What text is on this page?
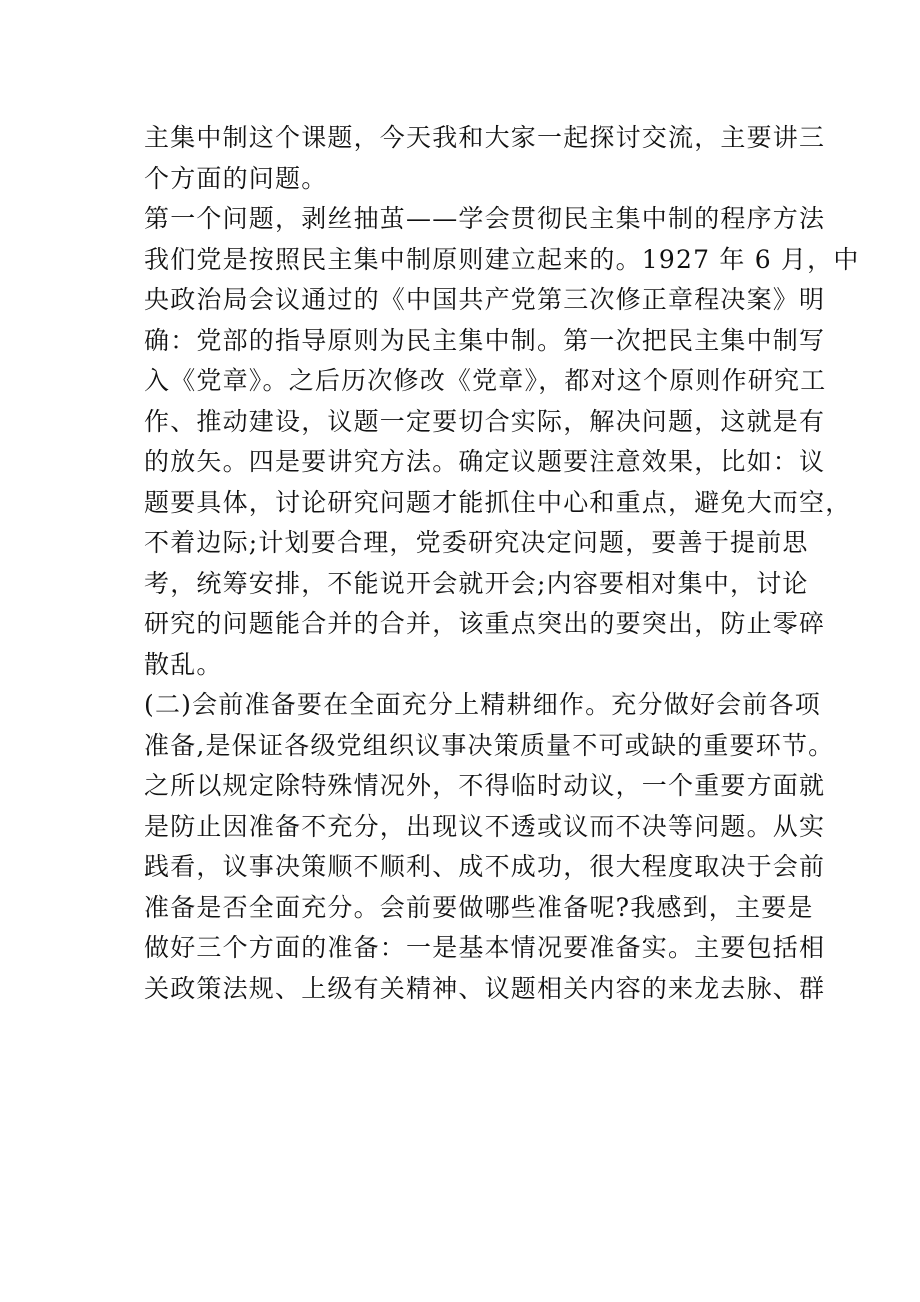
主集中制这个课题，今天我和大家一起探讨交流，主要讲三
个方面的问题。
第一个问题，剥丝抽茧——学会贯彻民主集中制的程序方法
我们党是按照民主集中制原则建立起来的。1927 年 6 月，中
央政治局会议通过的《中国共产党第三次修正章程决案》明
确：党部的指导原则为民主集中制。第一次把民主集中制写
入《党章》。之后历次修改《党章》，都对这个原则作研究工
作、推动建设，议题一定要切合实际，解决问题，这就是有
的放矢。四是要讲究方法。确定议题要注意效果，比如：议
题要具体，讨论研究问题才能抓住中心和重点，避免大而空，
不着边际;计划要合理，党委研究决定问题，要善于提前思
考，统筹安排，不能说开会就开会;内容要相对集中，讨论
研究的问题能合并的合并，该重点突出的要突出，防止零碎
散乱。
(二)会前准备要在全面充分上精耕细作。充分做好会前各项
准备,是保证各级党组织议事决策质量不可或缺的重要环节。
之所以规定除特殊情况外，不得临时动议，一个重要方面就
是防止因准备不充分，出现议不透或议而不决等问题。从实
践看，议事决策顺不顺利、成不成功，很大程度取决于会前
准备是否全面充分。会前要做哪些准备呢?我感到，主要是
做好三个方面的准备：一是基本情况要准备实。主要包括相
关政策法规、上级有关精神、议题相关内容的来龙去脉、群
